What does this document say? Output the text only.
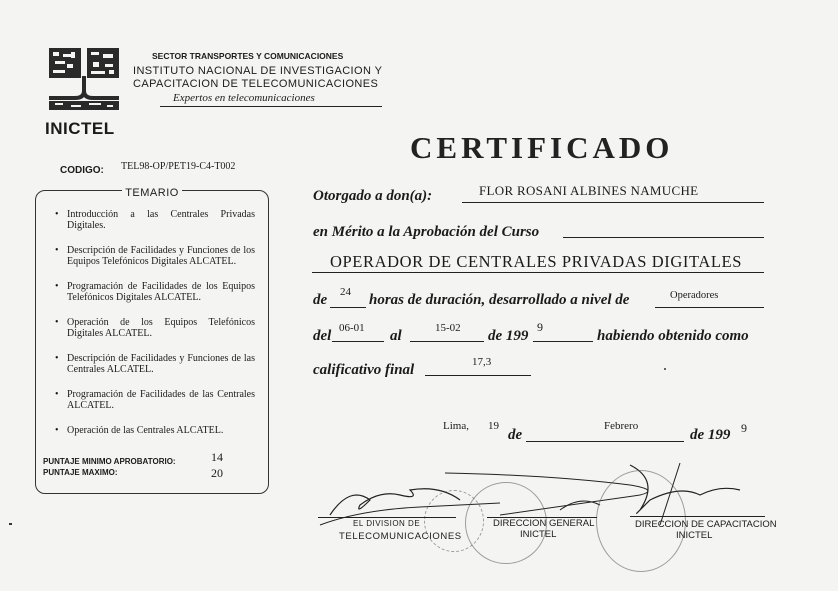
INICTEL
SECTOR TRANSPORTES Y COMUNICACIONES
INSTITUTO NACIONAL DE INVESTIGACION Y
CAPACITACION DE TELECOMUNICACIONES
Expertos en telecomunicaciones
CERTIFICADO
CODIGO: TEL98-OP/PET19-C4-T002
TEMARIO
• Introducción a las Centrales Privadas Digitales.
• Descripción de Facilidades y Funciones de los Equipos Telefónicos Digitales ALCATEL.
• Programación de Facilidades de los Equipos Telefónicos Digitales ALCATEL.
• Operación de los Equipos Telefónicos Digitales ALCATEL.
• Descripción de Facilidades y Funciones de las Centrales ALCATEL.
• Programación de Facilidades de las Centrales ALCATEL.
• Operación de las Centrales ALCATEL.
PUNTAJE MINIMO APROBATORIO:	14
PUNTAJE MAXIMO:	20
Otorgado a don(a):	FLOR ROSANI ALBINES NAMUCHE
en Mérito a la Aprobación del Curso
OPERADOR DE CENTRALES PRIVADAS DIGITALES
de 24 horas de duración, desarrollado a nivel de	Operadores
del 06-01 al	15-02 de 199
9
habiendo obtenido como
calificativo final	17,3
Lima, 19
de
Febrero
de 199 9
EL DIVISION DE
TELECOMUNICACIONES
DIRECCION GENERAL
INICTEL
DIRECCION DE CAPACITACION
INICTEL
